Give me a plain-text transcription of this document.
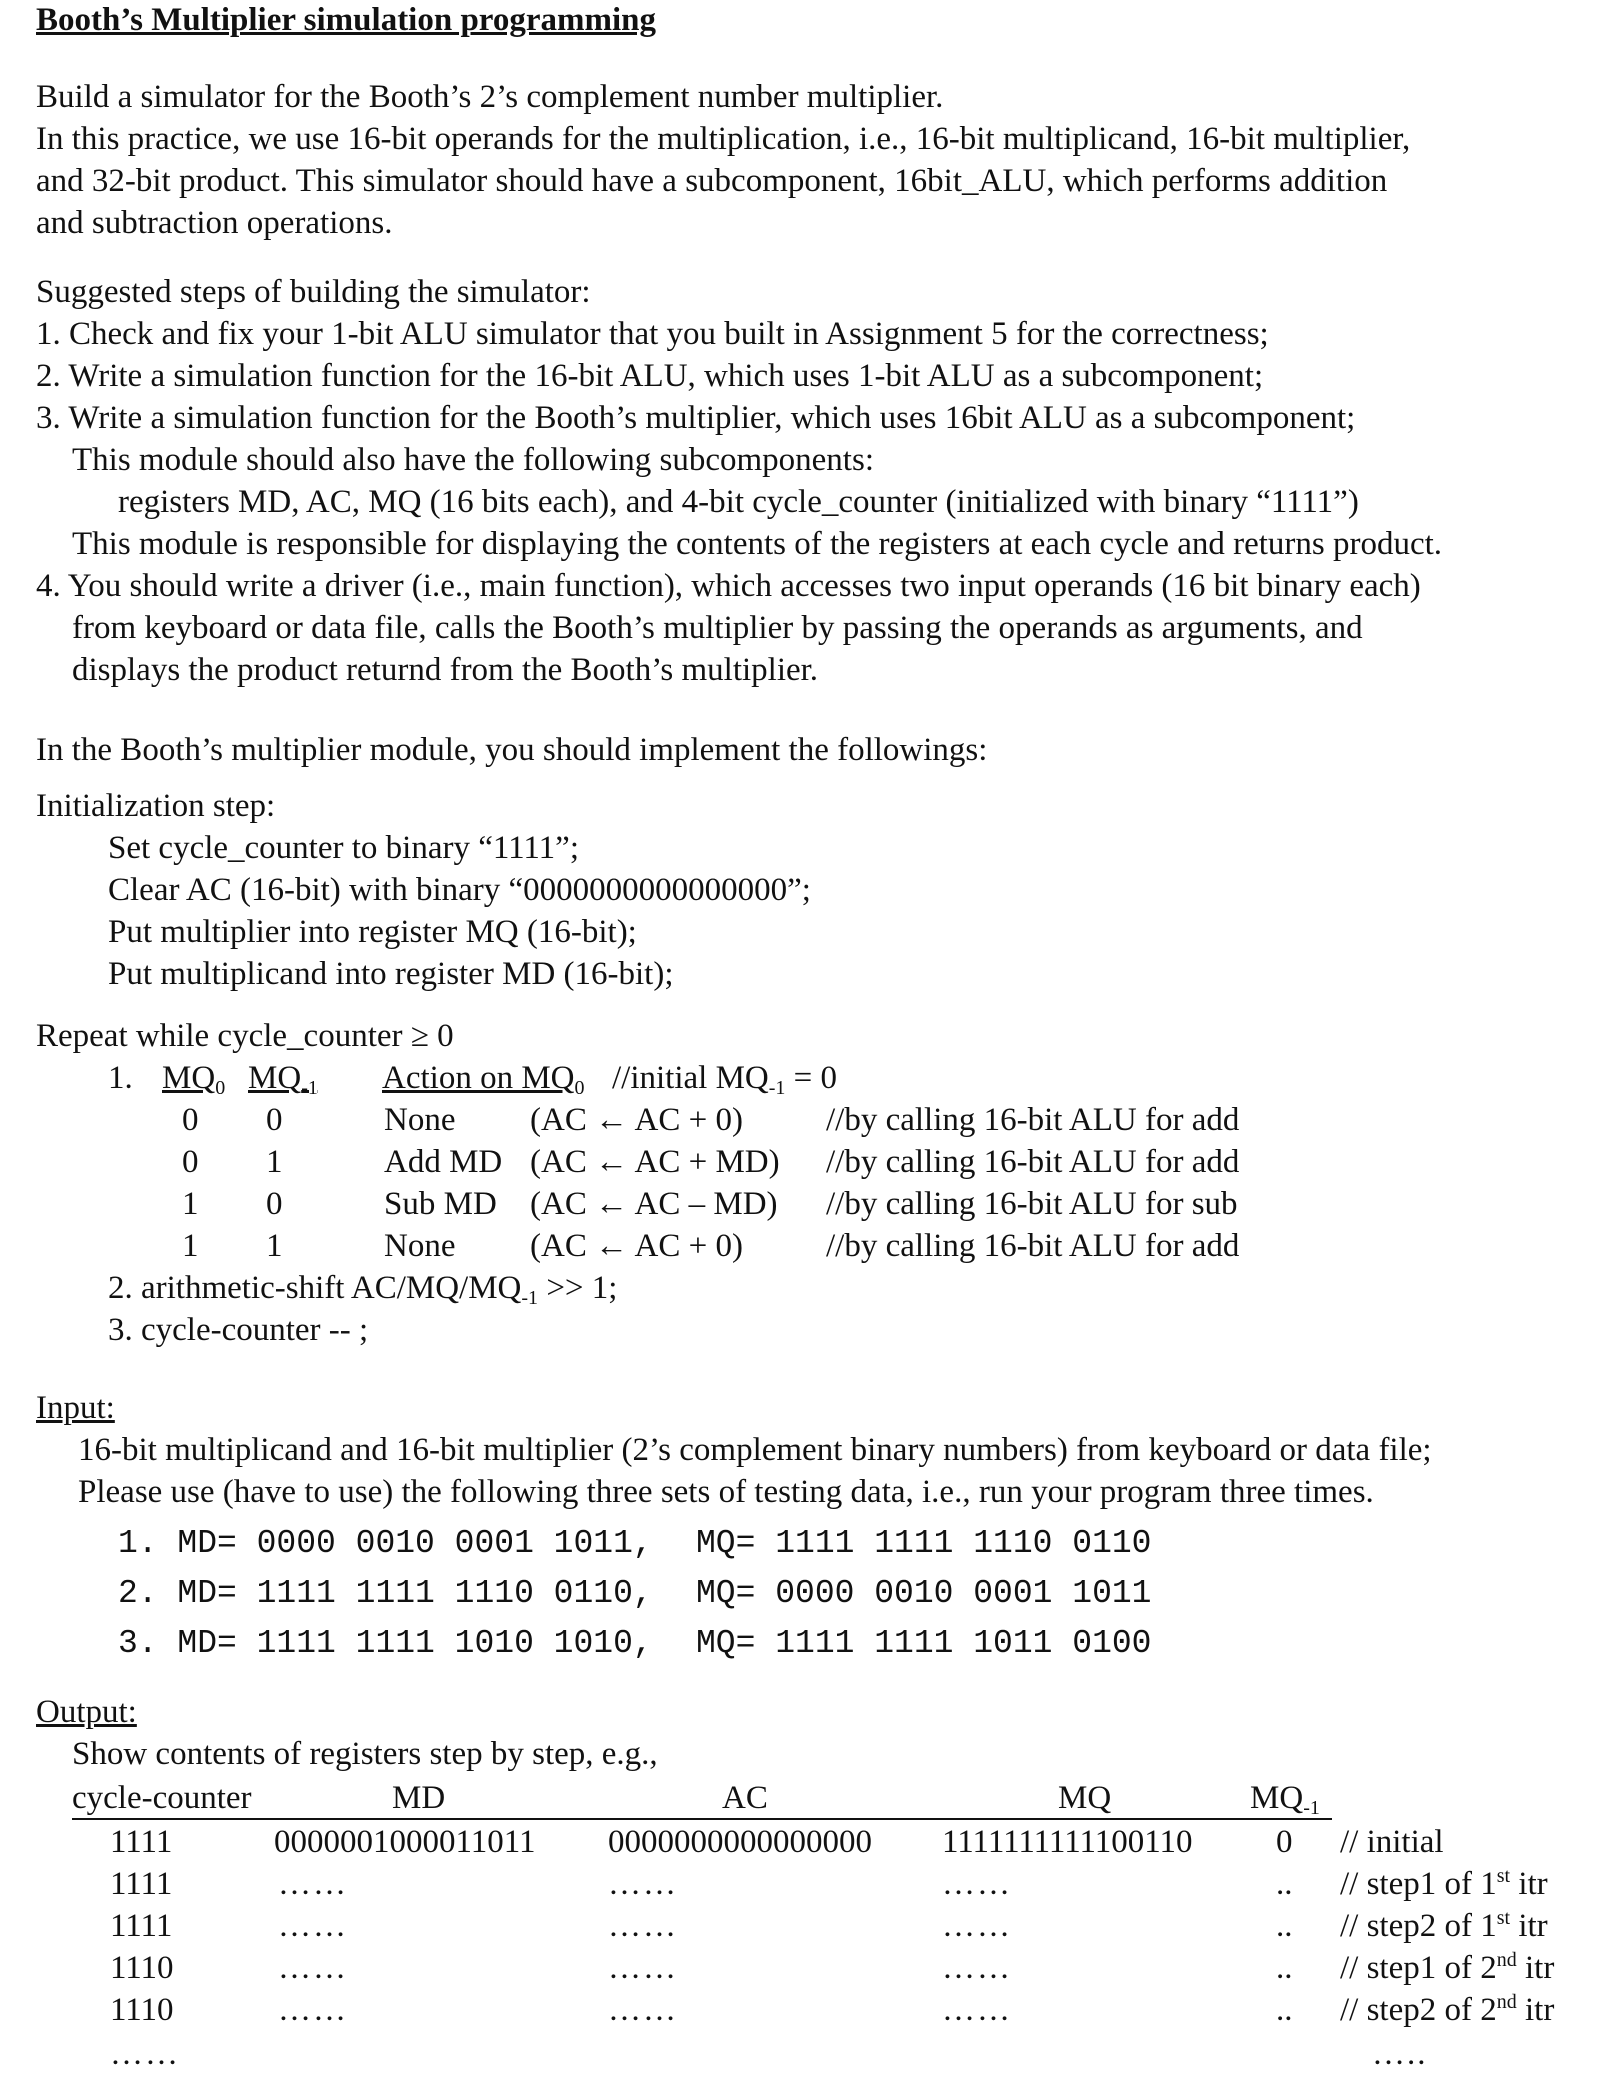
Booth’s Multiplier simulation programming
Build a simulator for the Booth’s 2’s complement number multiplier.
In this practice, we use 16-bit operands for the multiplication, i.e., 16-bit multiplicand, 16-bit multiplier,
and 32-bit product. This simulator should have a subcomponent, 16bit_ALU, which performs addition
and subtraction operations.
Suggested steps of building the simulator:
1. Check and fix your 1-bit ALU simulator that you built in Assignment 5 for the correctness;
2. Write a simulation function for the 16-bit ALU, which uses 1-bit ALU as a subcomponent;
3. Write a simulation function for the Booth’s multiplier, which uses 16bit ALU as a subcomponent;
This module should also have the following subcomponents:
registers MD, AC, MQ (16 bits each), and 4-bit cycle_counter (initialized with binary “1111”)
This module is responsible for displaying the contents of the registers at each cycle and returns product.
4. You should write a driver (i.e., main function), which accesses two input operands (16 bit binary each)
from keyboard or data file, calls the Booth’s multiplier by passing the operands as arguments, and
displays the product returnd from the Booth’s multiplier.
In the Booth’s multiplier module, you should implement the followings:
Initialization step:
Set cycle_counter to binary “1111”;
Clear AC (16-bit) with binary “0000000000000000”;
Put multiplier into register MQ (16-bit);
Put multiplicand into register MD (16-bit);
Repeat while cycle_counter ≥ 0
1. $MQ_0$ $MQ_{-1}$ Action on $MQ_0$ //initial $MQ_{-1} = 0$
0 0	None (AC ← AC + 0)	//by calling 16-bit ALU for add
0 1	Add MD (AC ← AC + MD) //by calling 16-bit ALU for add
1 0	Sub MD (AC ← AC – MD) //by calling 16-bit ALU for sub
1 1	None (AC ← AC + 0)	//by calling 16-bit ALU for add
2. arithmetic-shift $AC/MQ/MQ_{-1} >> 1$;
3. cycle-counter -- ;
Input:
16-bit multiplicand and 16-bit multiplier (2’s complement binary numbers) from keyboard or data file;
Please use (have to use) the following three sets of testing data, i.e., run your program three times.
1. MD= 0000 0010 0001 1011, MQ= 1111 1111 1110 0110
2. MD= 1111 1111 1110 0110, MQ= 0000 0010 0001 1011
3. MD= 1111 1111 1010 1010, MQ= 1111 1111 1011 0100
Output:
Show contents of registers step by step, e.g.,
cycle-counter	MD	AC	MQ	$MQ_{-1}$
1111	0000001000011011 0000000000000000 1111111111100110	0 // initial
1111	……	……	……	.. // step1 of 1st itr
1111	……	……	……	.. // step2 of 1st itr
1110	……	……	……	.. // step1 of 2nd itr
1110	……	……	……	.. // step2 of 2nd itr
……	…..
